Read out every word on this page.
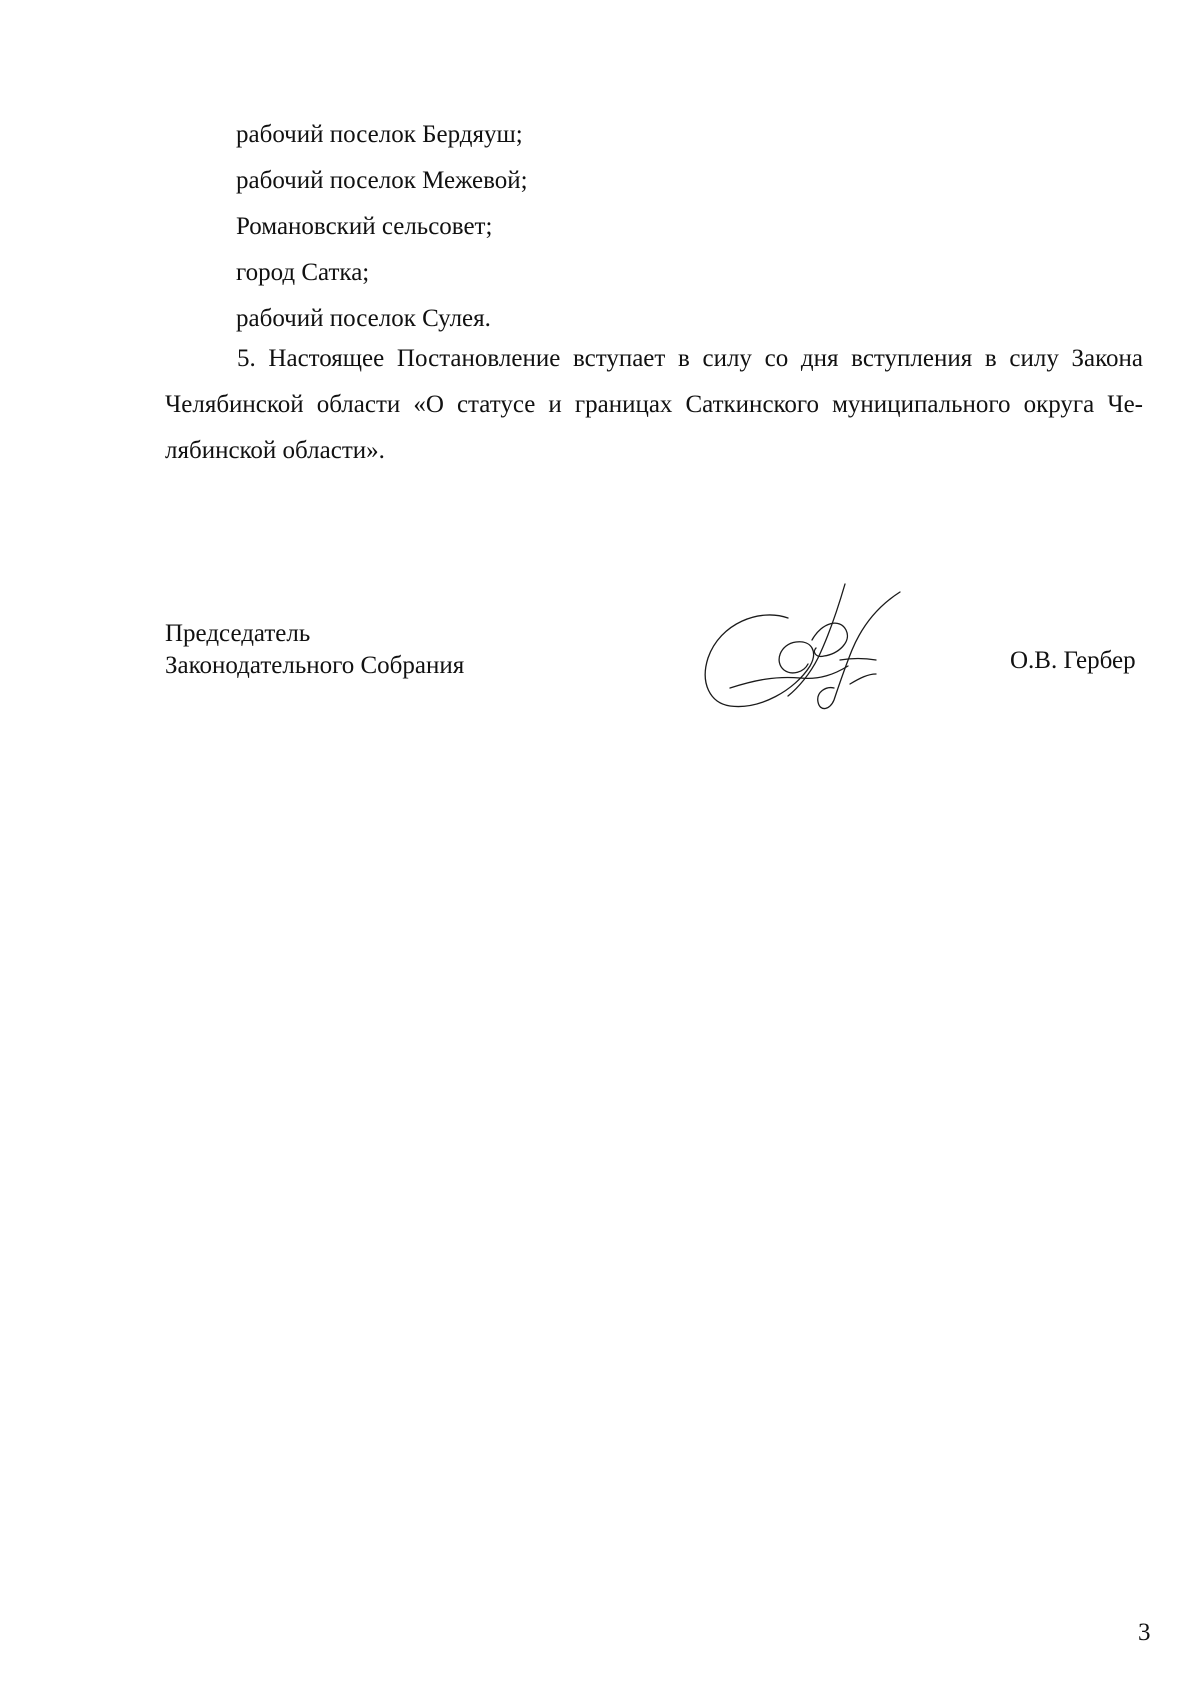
рабочий поселок Бердяуш;
рабочий поселок Межевой;
Романовский сельсовет;
город Сатка;
рабочий поселок Сулея.
5. Настоящее Постановление вступает в силу со дня вступления в силу Закона
Челябинской области «О статусе и границах Саткинского муниципального округа Че-
лябинской области».
Председатель
Законодательного Собрания	О.В. Гербер
3
